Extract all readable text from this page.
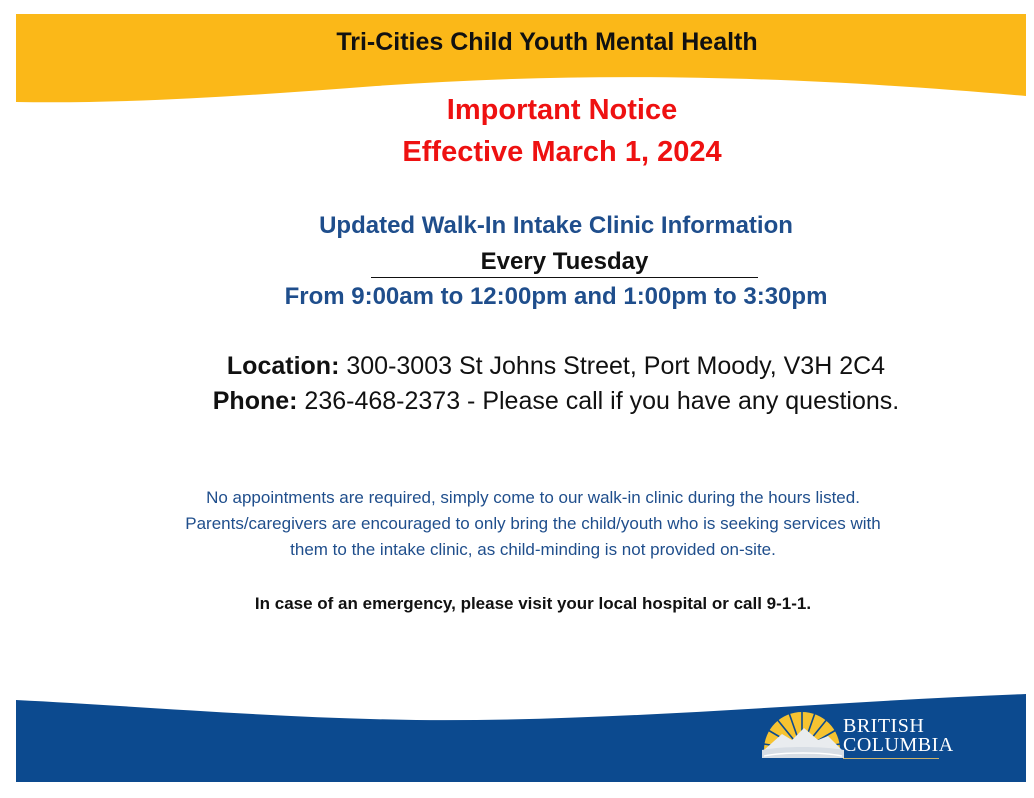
Tri-Cities Child Youth Mental Health
Important Notice
Effective March 1, 2024
Updated Walk-In Intake Clinic Information
Every Tuesday
From 9:00am to 12:00pm and 1:00pm to 3:30pm
Location: 300-3003 St Johns Street, Port Moody, V3H 2C4
Phone: 236-468-2373 - Please call if you have any questions.
No appointments are required, simply come to our walk-in clinic during the hours listed.
Parents/caregivers are encouraged to only bring the child/youth who is seeking services with
them to the intake clinic, as child-minding is not provided on-site.
In case of an emergency, please visit your local hospital or call 9-1-1.
BRITISH
COLUMBIA
